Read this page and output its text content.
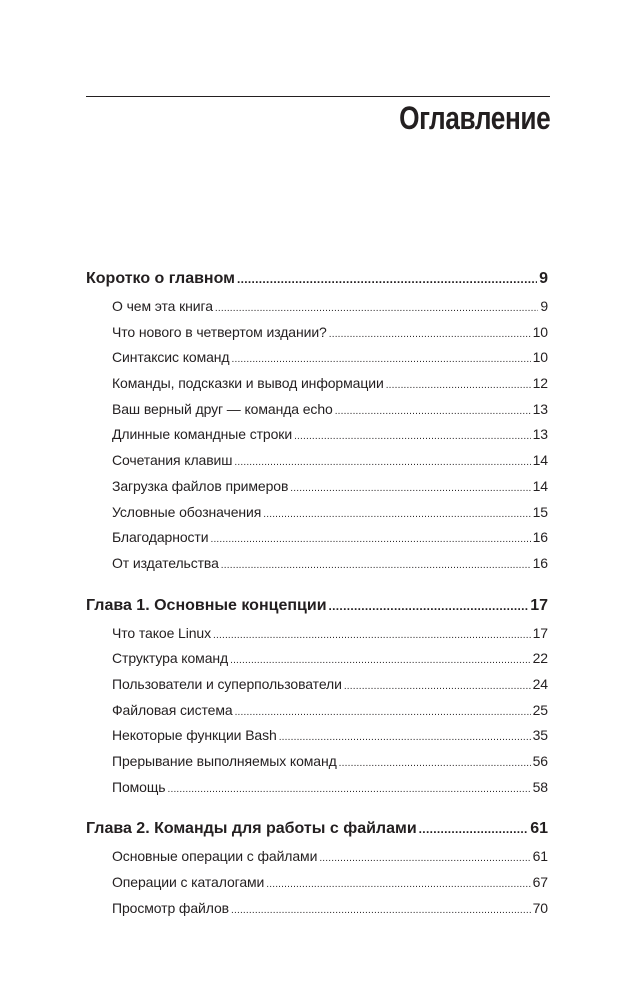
Оглавление
Коротко о главном .....	9
О чем эта книга .....	9
Что нового в четвертом издании? .....	10
Синтаксис команд .....	10
Команды, подсказки и вывод информации .....	12
Ваш верный друг — команда echo .....	13
Длинные командные строки .....	13
Сочетания клавиш .....	14
Загрузка файлов примеров .....	14
Условные обозначения .....	15
Благодарности .....	16
От издательства .....	16
Глава 1. Основные концепции .....	17
Что такое Linux .....	17
Структура команд .....	22
Пользователи и суперпользователи .....	24
Файловая система .....	25
Некоторые функции Bash .....	35
Прерывание выполняемых команд .....	56
Помощь .....	58
Глава 2. Команды для работы с файлами .....	61
Основные операции с файлами .....	61
Операции с каталогами .....	67
Просмотр файлов .....	70
